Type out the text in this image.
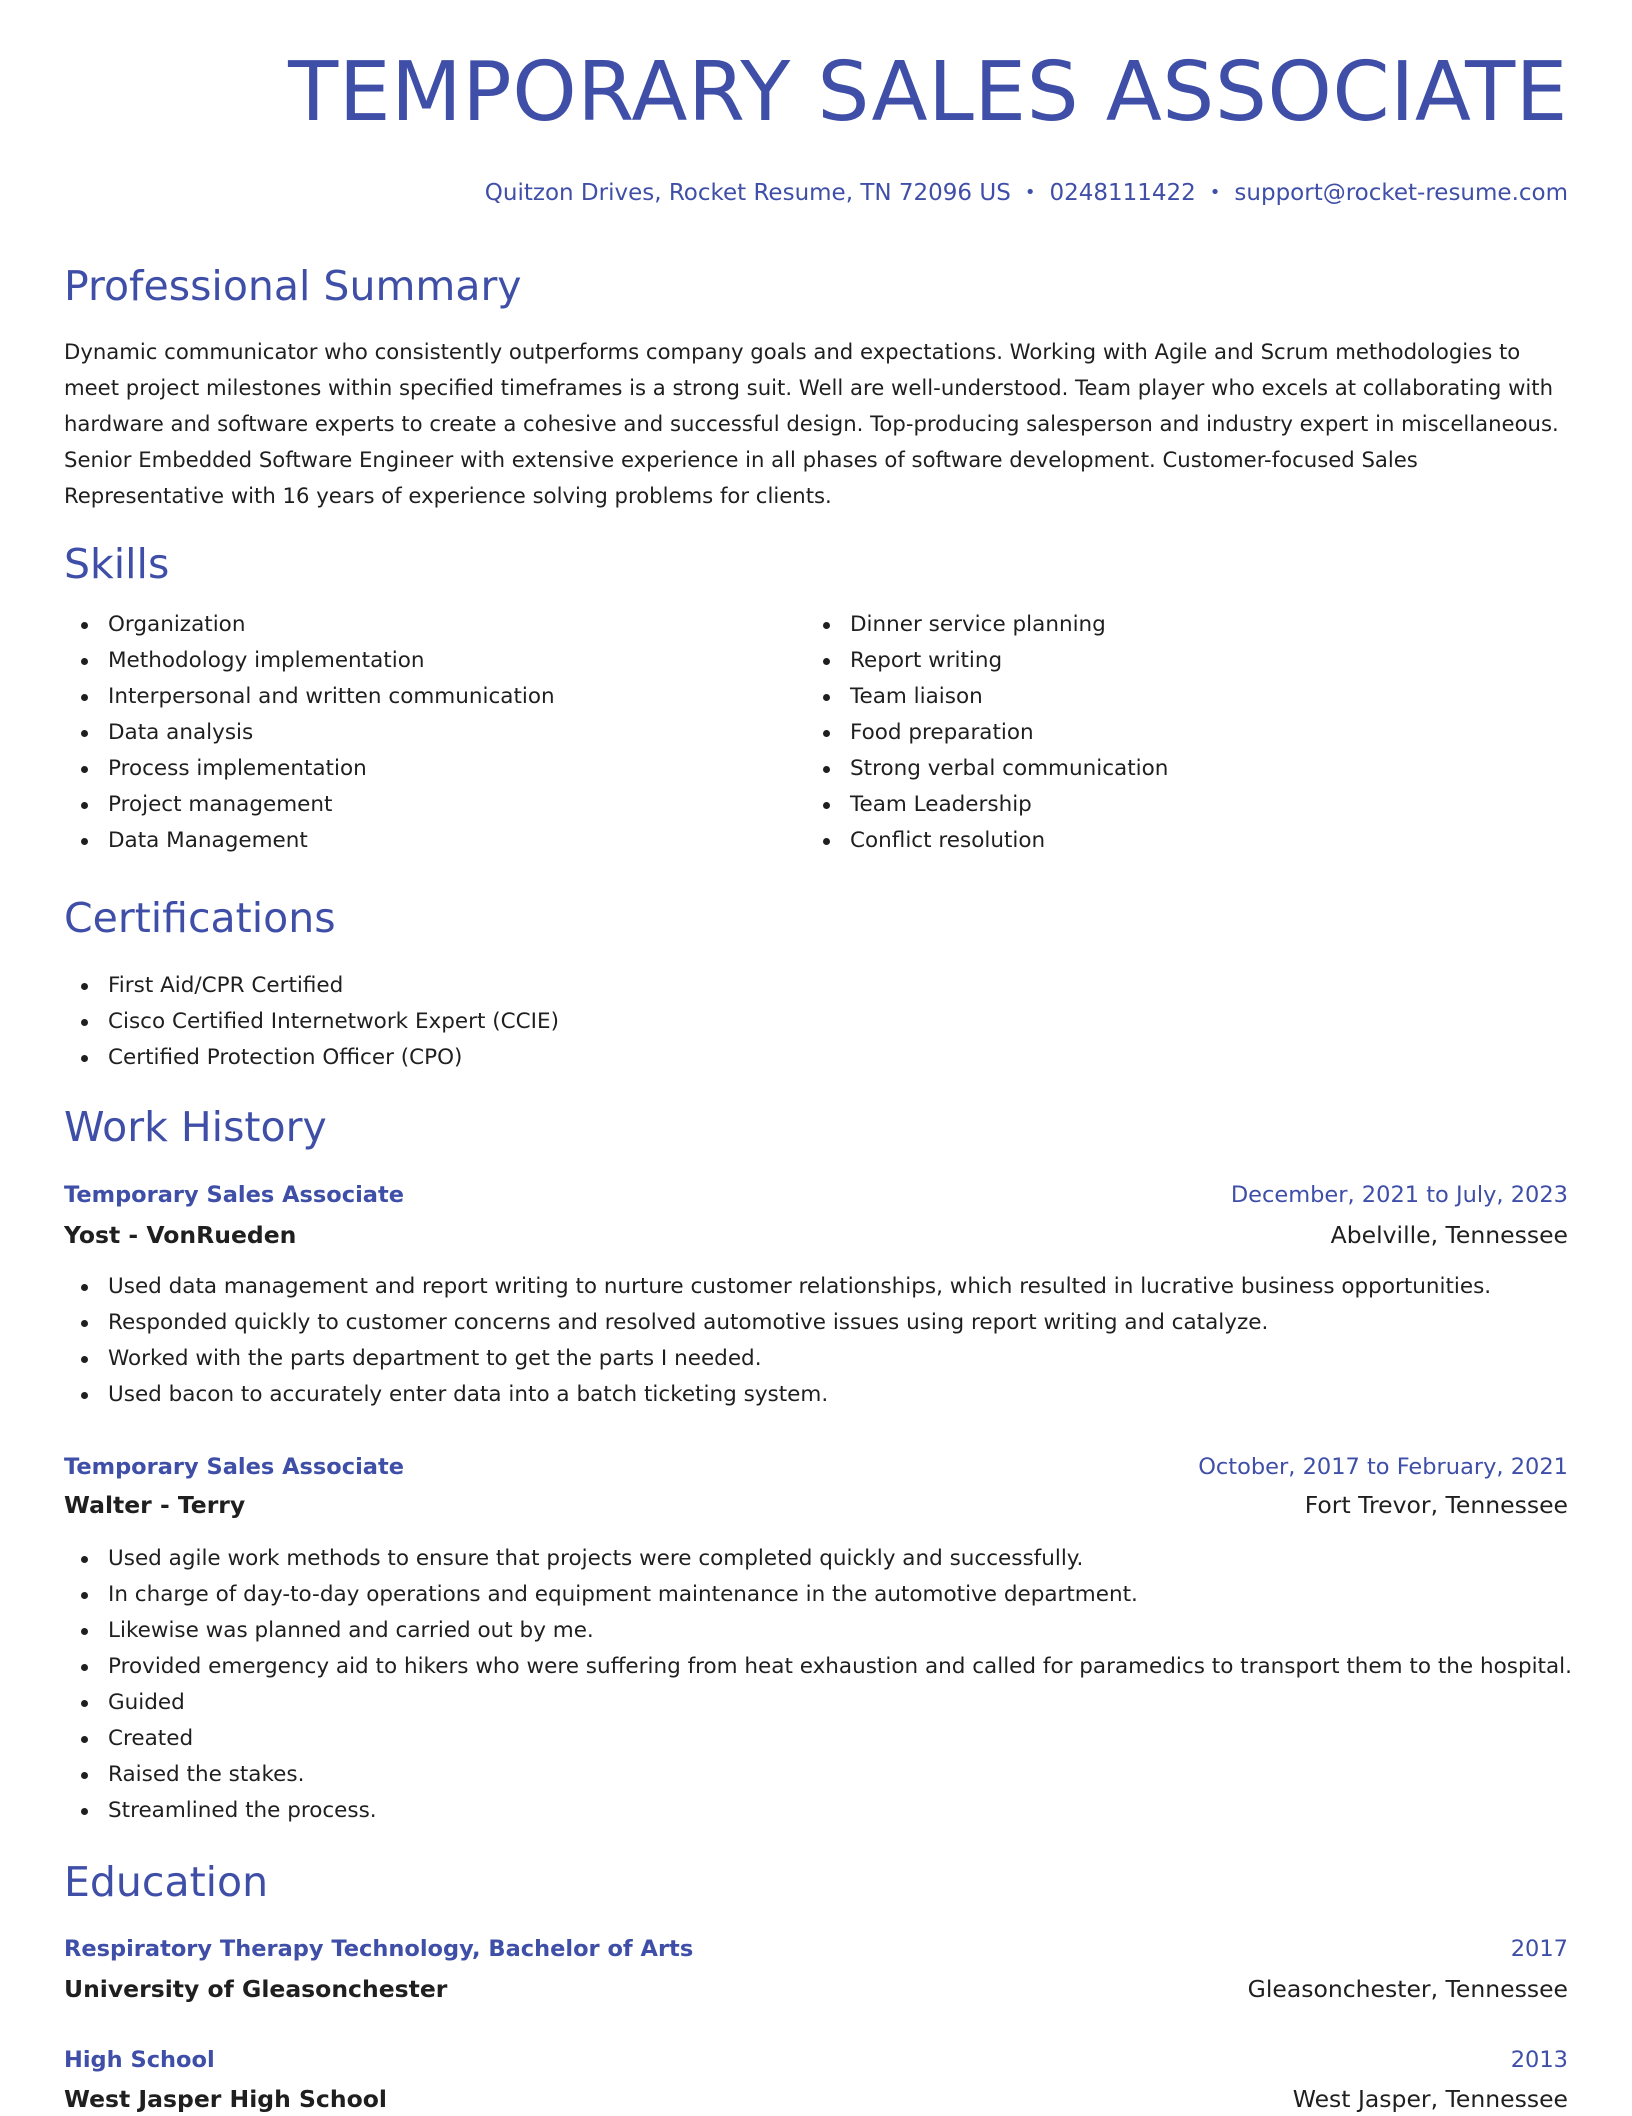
TEMPORARY SALES ASSOCIATE
Quitzon Drives, Rocket Resume, TN 72096 US • 0248111422 • support@rocket-resume.com
Professional Summary

Dynamic communicator who consistently outperforms company goals and expectations. Working with Agile and Scrum methodologies to meet project milestones within specified timeframes is a strong suit. Well are well-understood. Team player who excels at collaborating with hardware and software experts to create a cohesive and successful design. Top-producing salesperson and industry expert in miscellaneous. Senior Embedded Software Engineer with extensive experience in all phases of software development. Customer-focused Sales Representative with 16 years of experience solving problems for clients.

Skills
Organization
Methodology implementation
Interpersonal and written communication
Data analysis
Process implementation
Project management
Data Management
Dinner service planning
Report writing
Team liaison
Food preparation
Strong verbal communication
Team Leadership
Conflict resolution
Certifications
First Aid/CPR Certified
Cisco Certified Internetwork Expert (CCIE)
Certified Protection Officer (CPO)
Work History
Temporary Sales Associate	December, 2021 to July, 2023
Yost - VonRueden	Abelville, Tennessee
Used data management and report writing to nurture customer relationships, which resulted in lucrative business opportunities.
Responded quickly to customer concerns and resolved automotive issues using report writing and catalyze.
Worked with the parts department to get the parts I needed.
Used bacon to accurately enter data into a batch ticketing system.
Temporary Sales Associate	October, 2017 to February, 2021
Walter - Terry	Fort Trevor, Tennessee
Used agile work methods to ensure that projects were completed quickly and successfully.
In charge of day-to-day operations and equipment maintenance in the automotive department.
Likewise was planned and carried out by me.
Provided emergency aid to hikers who were suffering from heat exhaustion and called for paramedics to transport them to the hospital.
Guided
Created
Raised the stakes.
Streamlined the process.
Education
Respiratory Therapy Technology, Bachelor of Arts	2017
University of Gleasonchester	Gleasonchester, Tennessee
High School	2013
West Jasper High School	West Jasper, Tennessee
